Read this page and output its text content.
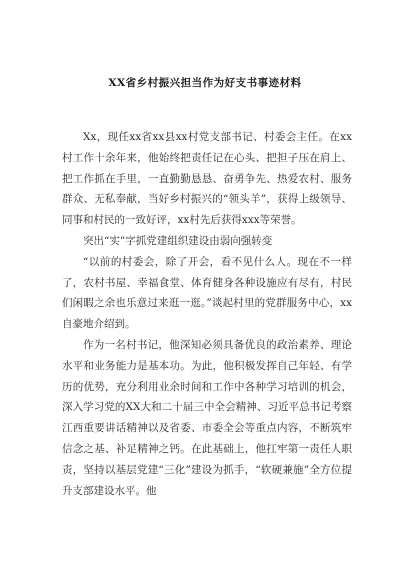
XX省乡村振兴担当作为好支书事迹材料

Xx，现任xx省xx县xx村党支部书记、村委会主任。在xx村工作十余年来，他始终把责任记在心头、把担子压在肩上、把工作抓在手里，一直勤勤恳恳、奋勇争先、热爱农村、服务群众、无私奉献，当好乡村振兴的“领头羊”，获得上级领导、同事和村民的一致好评，xx村先后获得xxx等荣誉。

突出“实”字抓党建组织建设由弱向强转变

“以前的村委会，除了开会，看不见什么人。现在不一样了，农村书屋、幸福食堂、体育健身各种设施应有尽有，村民们闲暇之余也乐意过来逛一逛。”谈起村里的党群服务中心，xx自豪地介绍到。

作为一名村书记，他深知必须具备优良的政治素养、理论水平和业务能力是基本功。为此，他积极发挥自己年轻、有学历的优势，充分利用业余时间和工作中各种学习培训的机会，深入学习党的XX大和二十届三中全会精神、习近平总书记考察江西重要讲话精神以及省委、市委全会等重点内容，不断筑牢信念之基、补足精神之钙。在此基础上，他扛牢第一责任人职责，坚持以基层党建“三化”建设为抓手，“软硬兼施”全方位提升支部建设水平。他
